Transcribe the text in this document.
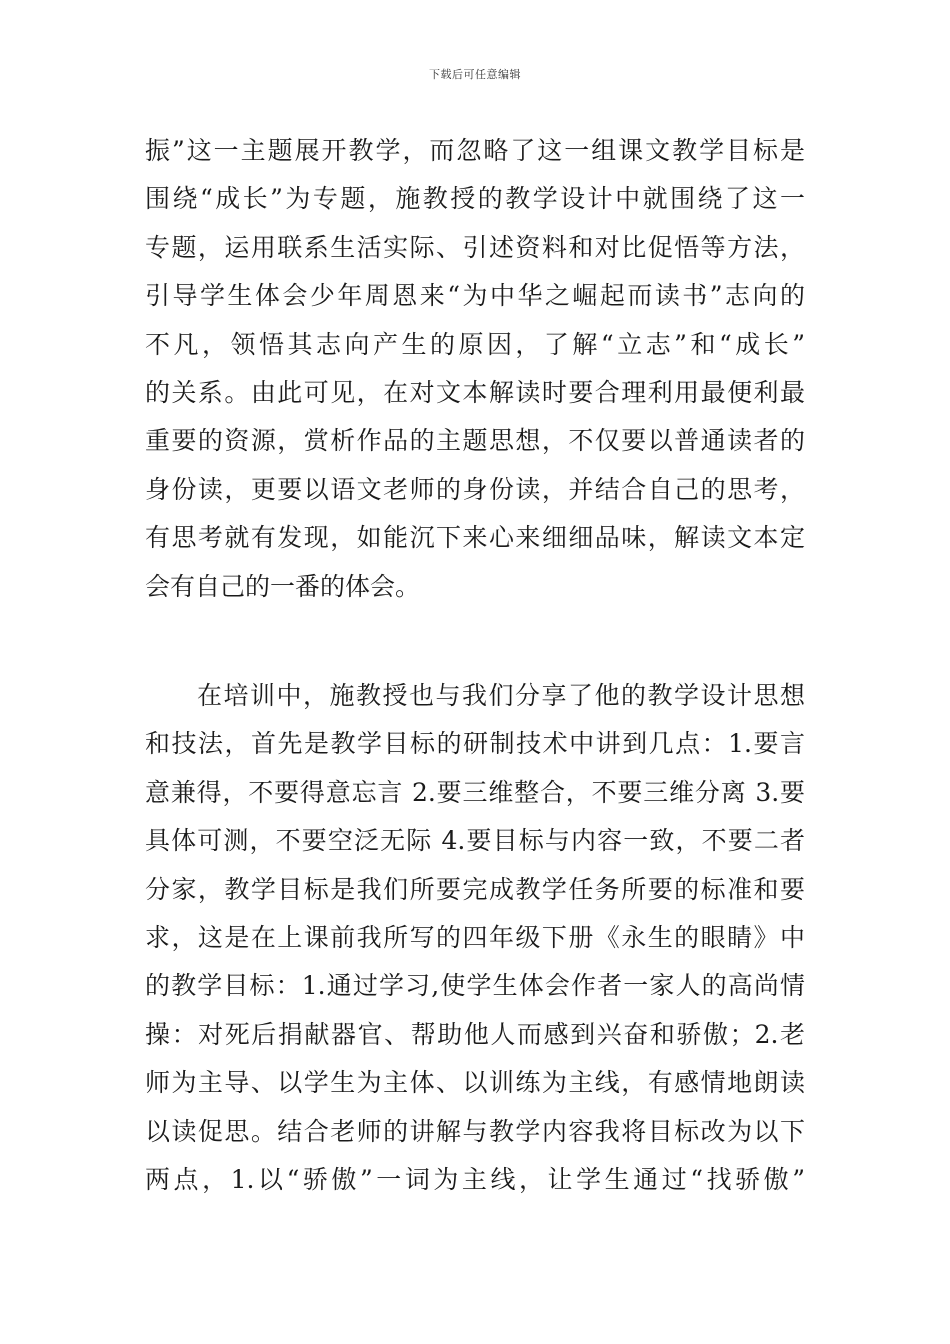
下载后可任意编辑
振”这一主题展开教学，而忽略了这一组课文教学目标是
围绕“成长”为专题，施教授的教学设计中就围绕了这一
专题，运用联系生活实际、引述资料和对比促悟等方法，
引导学生体会少年周恩来“为中华之崛起而读书”志向的
不凡，领悟其志向产生的原因，了解“立志”和“成长”
的关系。由此可见，在对文本解读时要合理利用最便利最
重要的资源，赏析作品的主题思想，不仅要以普通读者的
身份读，更要以语文老师的身份读，并结合自己的思考，
有思考就有发现，如能沉下来心来细细品味，解读文本定
会有自己的一番的体会。
在培训中，施教授也与我们分享了他的教学设计思想
和技法，首先是教学目标的研制技术中讲到几点：1.要言
意兼得，不要得意忘言 2.要三维整合，不要三维分离 3.要
具体可测，不要空泛无际 4.要目标与内容一致，不要二者
分家，教学目标是我们所要完成教学任务所要的标准和要
求，这是在上课前我所写的四年级下册《永生的眼睛》中
的教学目标：1.通过学习,使学生体会作者一家人的高尚情
操：对死后捐献器官、帮助他人而感到兴奋和骄傲；2.老
师为主导、以学生为主体、以训练为主线，有感情地朗读
以读促思。结合老师的讲解与教学内容我将目标改为以下
两点，1.以“骄傲”一词为主线，让学生通过“找骄傲”
